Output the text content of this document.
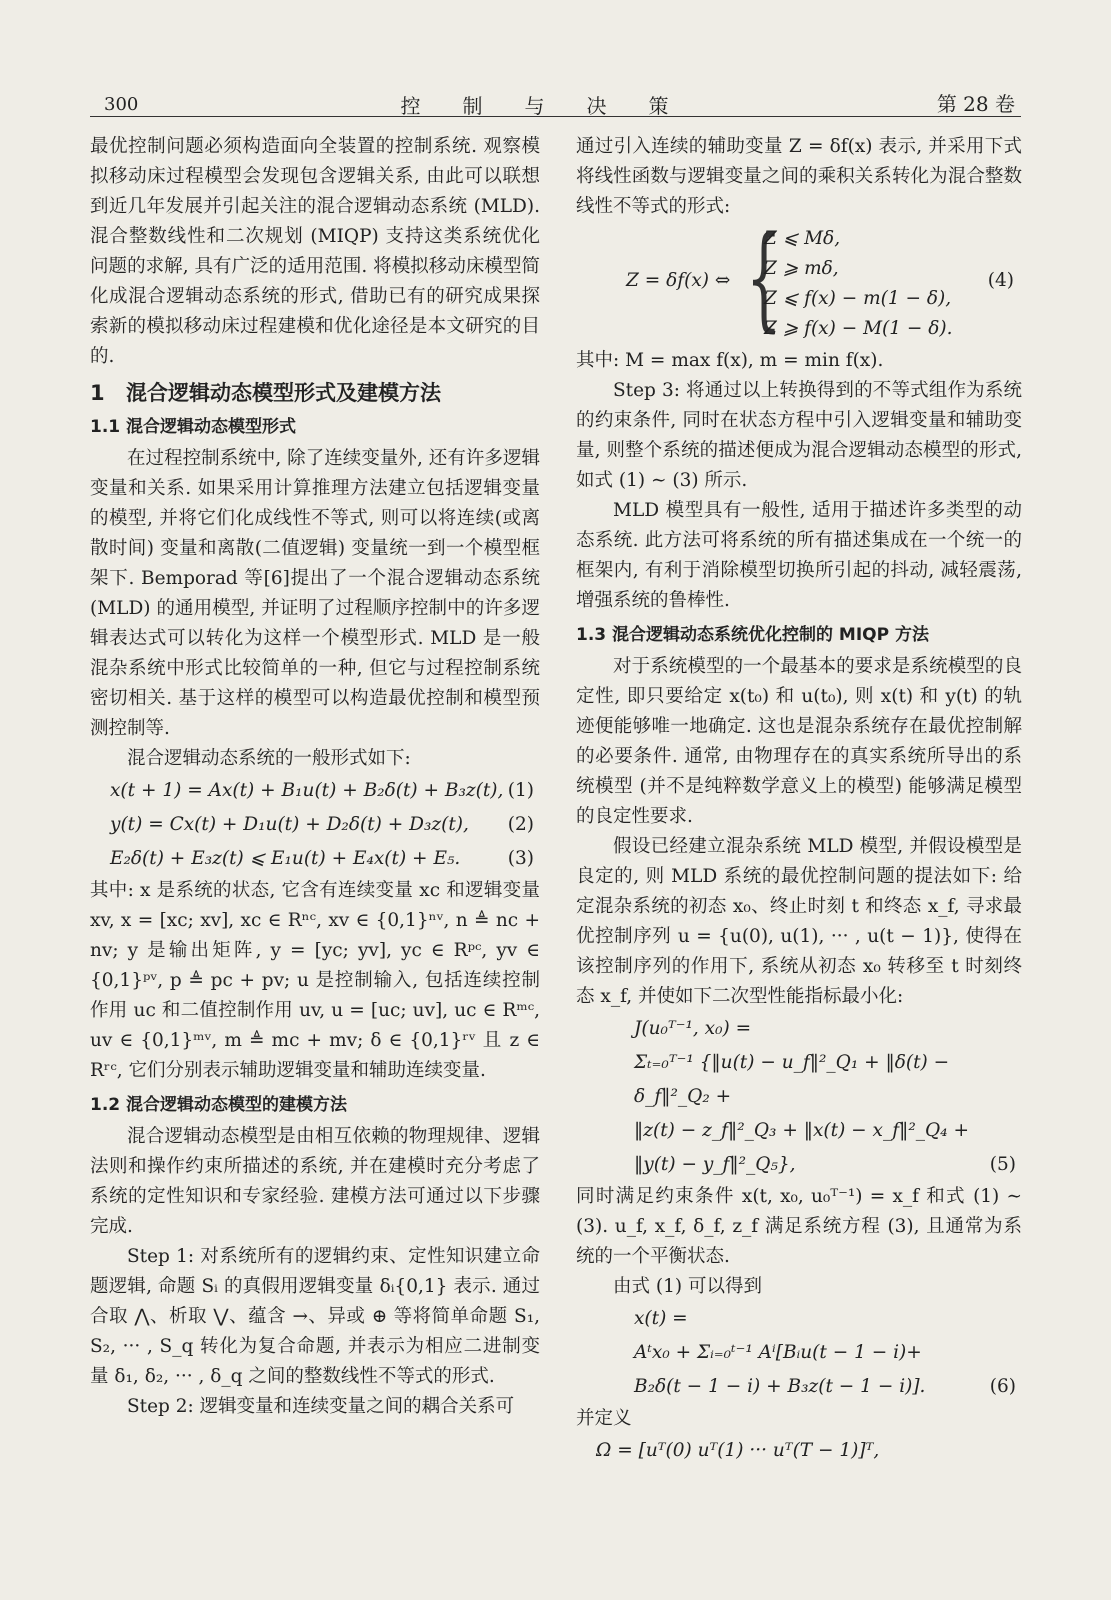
300	控制与决策	第 28 卷

最优控制问题必须构造面向全装置的控制系统. 观察模拟移动床过程模型会发现包含逻辑关系, 由此可以联想到近几年发展并引起关注的混合逻辑动态系统 (MLD). 混合整数线性和二次规划 (MIQP) 支持这类系统优化问题的求解, 具有广泛的适用范围. 将模拟移动床模型简化成混合逻辑动态系统的形式, 借助已有的研究成果探索新的模拟移动床过程建模和优化途径是本文研究的目的.

1 混合逻辑动态模型形式及建模方法
1.1 混合逻辑动态模型形式

在过程控制系统中, 除了连续变量外, 还有许多逻辑变量和关系. 如果采用计算推理方法建立包括逻辑变量的模型, 并将它们化成线性不等式, 则可以将连续(或离散时间) 变量和离散(二值逻辑) 变量统一到一个模型框架下. Bemporad 等[6]提出了一个混合逻辑动态系统 (MLD) 的通用模型, 并证明了过程顺序控制中的许多逻辑表达式可以转化为这样一个模型形式. MLD 是一般混杂系统中形式比较简单的一种, 但它与过程控制系统密切相关. 基于这样的模型可以构造最优控制和模型预测控制等.

混合逻辑动态系统的一般形式如下:

x(t + 1) = Ax(t) + B₁u(t) + B₂δ(t) + B₃z(t), (1)
y(t) = Cx(t) + D₁u(t) + D₂δ(t) + D₃z(t), (2)
E₂δ(t) + E₃z(t) ⩽ E₁u(t) + E₄x(t) + E₅.	(3)

其中: x 是系统的状态, 它含有连续变量 xc 和逻辑变量 xv, x = [xc; xv], xc ∈ Rⁿᶜ, xv ∈ {0,1}ⁿᵛ, n ≜ nc + nv; y 是输出矩阵, y = [yc; yv], yc ∈ Rᵖᶜ, yv ∈ {0,1}ᵖᵛ, p ≜ pc + pv; u 是控制输入, 包括连续控制作用 uc 和二值控制作用 uv, u = [uc; uv], uc ∈ Rᵐᶜ, uv ∈ {0,1}ᵐᵛ, m ≜ mc + mv; δ ∈ {0,1}ʳᵛ 且 z ∈ Rʳᶜ, 它们分别表示辅助逻辑变量和辅助连续变量.

1.2 混合逻辑动态模型的建模方法

混合逻辑动态模型是由相互依赖的物理规律、逻辑法则和操作约束所描述的系统, 并在建模时充分考虑了系统的定性知识和专家经验. 建模方法可通过以下步骤完成.

Step 1: 对系统所有的逻辑约束、定性知识建立命题逻辑, 命题 Sᵢ 的真假用逻辑变量 δᵢ{0,1} 表示. 通过合取 ⋀、析取 ⋁、蕴含 →、异或 ⊕ 等将简单命题 S₁, S₂, ··· , S_q 转化为复合命题, 并表示为相应二进制变量 δ₁, δ₂, ··· , δ_q 之间的整数线性不等式的形式.

Step 2: 逻辑变量和连续变量之间的耦合关系可

通过引入连续的辅助变量 Z = δf(x) 表示, 并采用下式将线性函数与逻辑变量之间的乘积关系转化为混合整数线性不等式的形式:

Z = δf(x) ⇔ {
Z ⩽ Mδ,
Z ⩾ mδ,
Z ⩽ f(x) − m(1 − δ),
Z ⩾ f(x) − M(1 − δ).
(4)

其中: M = max f(x), m = min f(x).

Step 3: 将通过以上转换得到的不等式组作为系统的约束条件, 同时在状态方程中引入逻辑变量和辅助变量, 则整个系统的描述便成为混合逻辑动态模型的形式, 如式 (1) ∼ (3) 所示.

MLD 模型具有一般性, 适用于描述许多类型的动态系统. 此方法可将系统的所有描述集成在一个统一的框架内, 有利于消除模型切换所引起的抖动, 减轻震荡, 增强系统的鲁棒性.

1.3 混合逻辑动态系统优化控制的 MIQP 方法

对于系统模型的一个最基本的要求是系统模型的良定性, 即只要给定 x(t₀) 和 u(t₀), 则 x(t) 和 y(t) 的轨迹便能够唯一地确定. 这也是混杂系统存在最优控制解的必要条件. 通常, 由物理存在的真实系统所导出的系统模型 (并不是纯粹数学意义上的模型) 能够满足模型的良定性要求.

假设已经建立混杂系统 MLD 模型, 并假设模型是良定的, 则 MLD 系统的最优控制问题的提法如下: 给定混杂系统的初态 x₀、终止时刻 t 和终态 x_f, 寻求最优控制序列 u = {u(0), u(1), ··· , u(t − 1)}, 使得在该控制序列的作用下, 系统从初态 x₀ 转移至 t 时刻终态 x_f, 并使如下二次型性能指标最小化:

J(u₀ᵀ⁻¹, x₀) =
Σₜ₌₀ᵀ⁻¹ {‖u(t) − u_f‖²_Q₁ + ‖δ(t) − δ_f‖²_Q₂ +
‖z(t) − z_f‖²_Q₃ + ‖x(t) − x_f‖²_Q₄ +
‖y(t) − y_f‖²_Q₅},	(5)

同时满足约束条件 x(t, x₀, u₀ᵀ⁻¹) = x_f 和式 (1) ∼ (3). u_f, x_f, δ_f, z_f 满足系统方程 (3), 且通常为系统的一个平衡状态.

由式 (1) 可以得到

x(t) =
Aᵗx₀ + Σᵢ₌₀ᵗ⁻¹ Aⁱ[Bᵢu(t − 1 − i)+
B₂δ(t − 1 − i) + B₃z(t − 1 − i)].	(6)

并定义

Ω = [uᵀ(0) uᵀ(1) ··· uᵀ(T − 1)]ᵀ,
